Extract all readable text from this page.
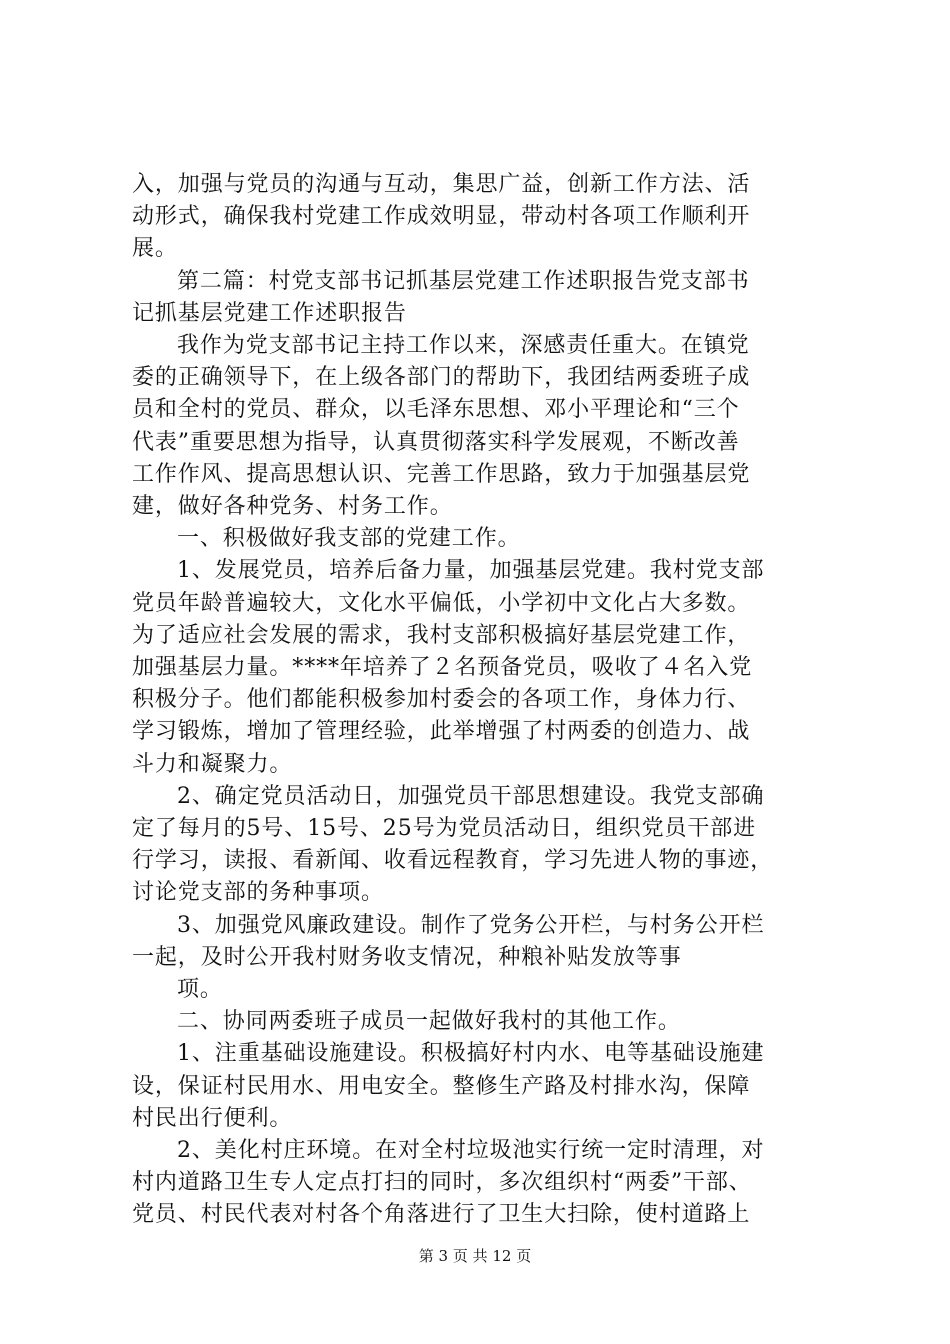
入，加强与党员的沟通与互动，集思广益，创新工作方法、活
动形式，确保我村党建工作成效明显，带动村各项工作顺利开
展。
第二篇：村党支部书记抓基层党建工作述职报告党支部书
记抓基层党建工作述职报告
我作为党支部书记主持工作以来，深感责任重大。在镇党
委的正确领导下，在上级各部门的帮助下，我团结两委班子成
员和全村的党员、群众，以毛泽东思想、邓小平理论和“三个
代表”重要思想为指导，认真贯彻落实科学发展观，不断改善
工作作风、提高思想认识、完善工作思路，致力于加强基层党
建，做好各种党务、村务工作。
一、积极做好我支部的党建工作。
1、发展党员，培养后备力量，加强基层党建。我村党支部
党员年龄普遍较大，文化水平偏低，小学初中文化占大多数。
为了适应社会发展的需求，我村支部积极搞好基层党建工作，
加强基层力量。****年培养了２名预备党员，吸收了４名入党
积极分子。他们都能积极参加村委会的各项工作，身体力行、
学习锻炼，增加了管理经验，此举增强了村两委的创造力、战
斗力和凝聚力。
2、确定党员活动日，加强党员干部思想建设。我党支部确
定了每月的5号、15号、25号为党员活动日，组织党员干部进
行学习，读报、看新闻、收看远程教育，学习先进人物的事迹，
讨论党支部的务种事项。
3、加强党风廉政建设。制作了党务公开栏，与村务公开栏
一起，及时公开我村财务收支情况，种粮补贴发放等事
项。
二、协同两委班子成员一起做好我村的其他工作。
1、注重基础设施建设。积极搞好村内水、电等基础设施建
设，保证村民用水、用电安全。整修生产路及村排水沟，保障
村民出行便利。
2、美化村庄环境。在对全村垃圾池实行统一定时清理，对
村内道路卫生专人定点打扫的同时，多次组织村“两委”干部、
党员、村民代表对村各个角落进行了卫生大扫除，使村道路上
第 3 页 共 12 页
